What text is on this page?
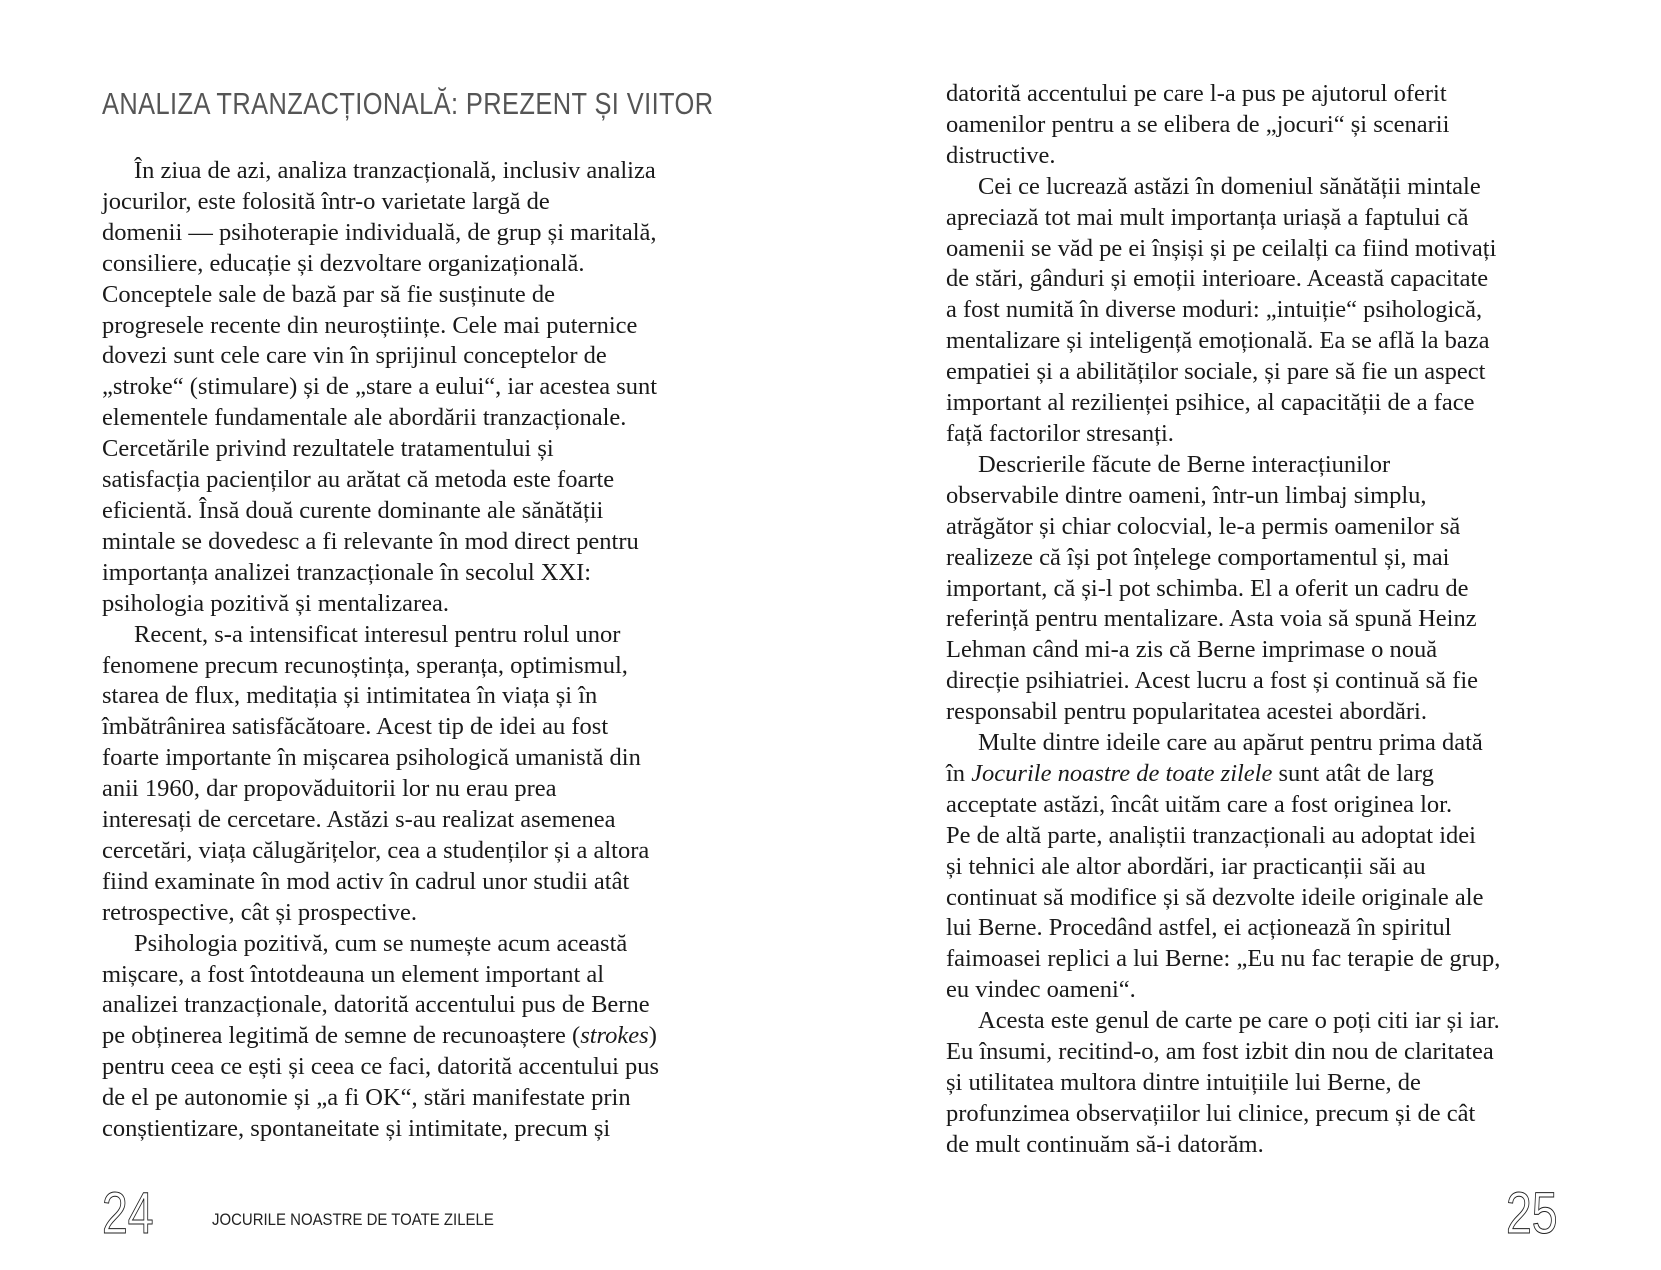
ANALIZA TRANZACȚIONALĂ: PREZENT ȘI VIITOR
În ziua de azi, analiza tranzacțională, inclusiv analiza
jocurilor, este folosită într-o varietate largă de
domenii — psihoterapie individuală, de grup și maritală,
consiliere, educație și dezvoltare organizațională.
Conceptele sale de bază par să fie susținute de
progresele recente din neuroștiințe. Cele mai puternice
dovezi sunt cele care vin în sprijinul conceptelor de
„stroke“ (stimulare) și de „stare a eului“, iar acestea sunt
elementele fundamentale ale abordării tranzacționale.
Cercetările privind rezultatele tratamentului și
satisfacția pacienților au arătat că metoda este foarte
eficientă. Însă două curente dominante ale sănătății
mintale se dovedesc a fi relevante în mod direct pentru
importanța analizei tranzacționale în secolul XXI:
psihologia pozitivă și mentalizarea.
Recent, s-a intensificat interesul pentru rolul unor
fenomene precum recunoștința, speranța, optimismul,
starea de flux, meditația și intimitatea în viața și în
îmbătrânirea satisfăcătoare. Acest tip de idei au fost
foarte importante în mișcarea psihologică umanistă din
anii 1960, dar propovăduitorii lor nu erau prea
interesați de cercetare. Astăzi s-au realizat asemenea
cercetări, viața călugărițelor, cea a studenților și a altora
fiind examinate în mod activ în cadrul unor studii atât
retrospective, cât și prospective.
Psihologia pozitivă, cum se numește acum această
mișcare, a fost întotdeauna un element important al
analizei tranzacționale, datorită accentului pus de Berne
pe obținerea legitimă de semne de recunoaștere (strokes)
pentru ceea ce ești și ceea ce faci, datorită accentului pus
de el pe autonomie și „a fi OK“, stări manifestate prin
conștientizare, spontaneitate și intimitate, precum și
datorită accentului pe care l-a pus pe ajutorul oferit
oamenilor pentru a se elibera de „jocuri“ și scenarii
distructive.
Cei ce lucrează astăzi în domeniul sănătății mintale
apreciază tot mai mult importanța uriașă a faptului că
oamenii se văd pe ei înșiși și pe ceilalți ca fiind motivați
de stări, gânduri și emoții interioare. Această capacitate
a fost numită în diverse moduri: „intuiție“ psihologică,
mentalizare și inteligență emoțională. Ea se află la baza
empatiei și a abilităților sociale, și pare să fie un aspect
important al rezilienței psihice, al capacității de a face
față factorilor stresanți.
Descrierile făcute de Berne interacțiunilor
observabile dintre oameni, într-un limbaj simplu,
atrăgător și chiar colocvial, le-a permis oamenilor să
realizeze că își pot înțelege comportamentul și, mai
important, că și-l pot schimba. El a oferit un cadru de
referință pentru mentalizare. Asta voia să spună Heinz
Lehman când mi-a zis că Berne imprimase o nouă
direcție psihiatriei. Acest lucru a fost și continuă să fie
responsabil pentru popularitatea acestei abordări.
Multe dintre ideile care au apărut pentru prima dată
în Jocurile noastre de toate zilele sunt atât de larg
acceptate astăzi, încât uităm care a fost originea lor.
Pe de altă parte, analiștii tranzacționali au adoptat idei
și tehnici ale altor abordări, iar practicanții săi au
continuat să modifice și să dezvolte ideile originale ale
lui Berne. Procedând astfel, ei acționează în spiritul
faimoasei replici a lui Berne: „Eu nu fac terapie de grup,
eu vindec oameni“.
Acesta este genul de carte pe care o poți citi iar și iar.
Eu însumi, recitind-o, am fost izbit din nou de claritatea
și utilitatea multora dintre intuițiile lui Berne, de
profunzimea observațiilor lui clinice, precum și de cât
de mult continuăm să-i datorăm.
24	JOCURILE NOASTRE DE TOATE ZILELE	25
